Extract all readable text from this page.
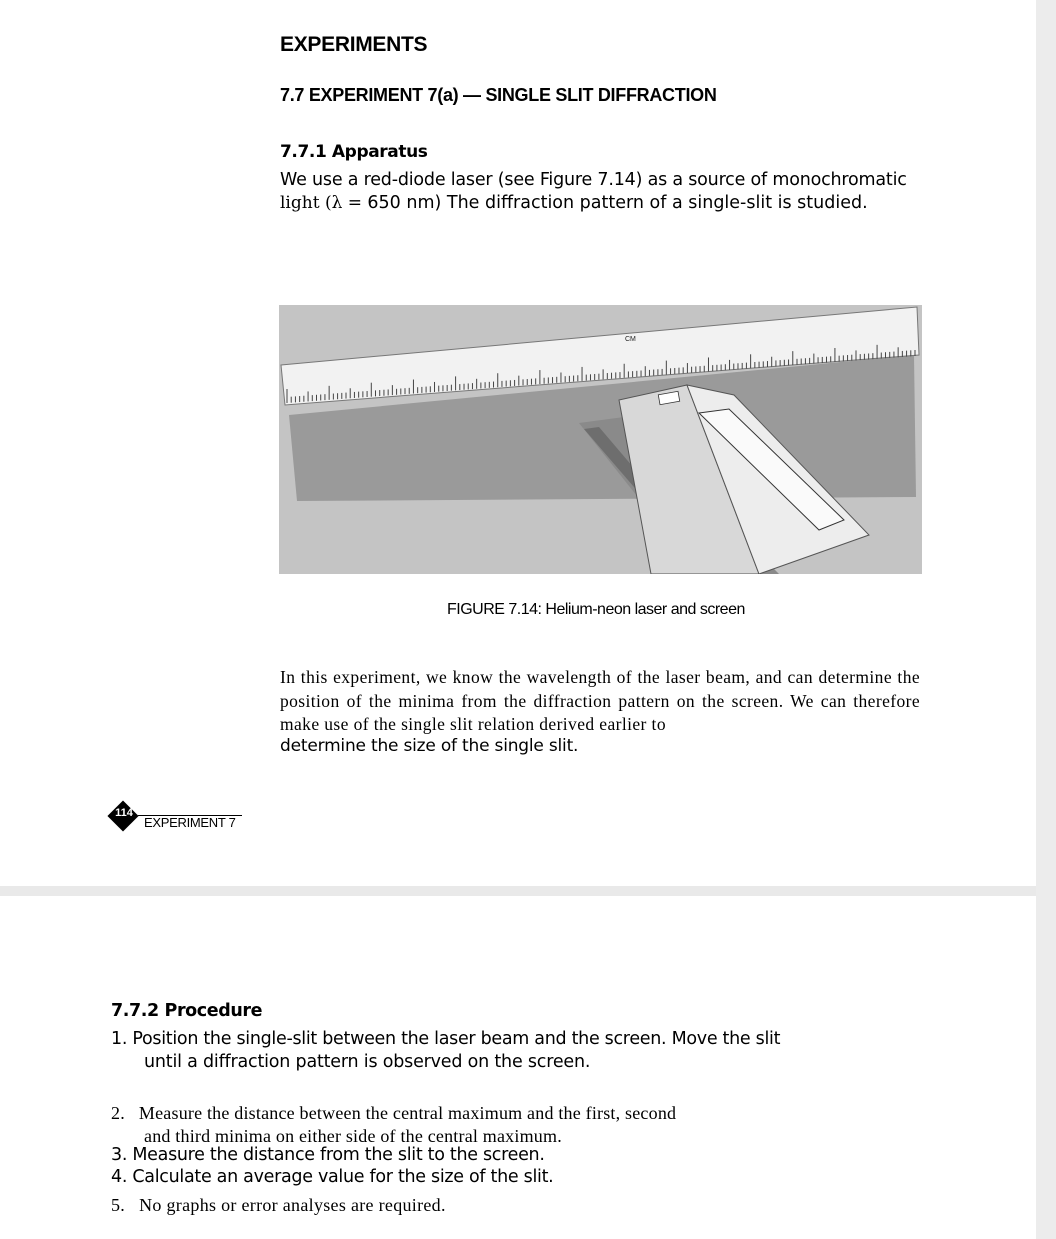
EXPERIMENTS
7.7 EXPERIMENT 7(a) — SINGLE SLIT DIFFRACTION
7.7.1 Apparatus
We use a red-diode laser (see Figure 7.14) as a source of monochromatic
light (λ = 650 nm) The diffraction pattern of a single-slit is studied.
CM
FIGURE 7.14: Helium-neon laser and screen
In this experiment, we know the wavelength of the laser beam, and can determine the position of the minima from the diffraction pattern on the screen. We can therefore make use of the single slit relation derived earlier to
determine the size of the single slit.
114
EXPERIMENT 7
7.7.2 Procedure
1. Position the single-slit between the laser beam and the screen. Move the slit
until a diffraction pattern is observed on the screen.
2. Measure the distance between the central maximum and the first, second
and third minima on either side of the central maximum.
3. Measure the distance from the slit to the screen.
4. Calculate an average value for the size of the slit.
5. No graphs or error analyses are required.
